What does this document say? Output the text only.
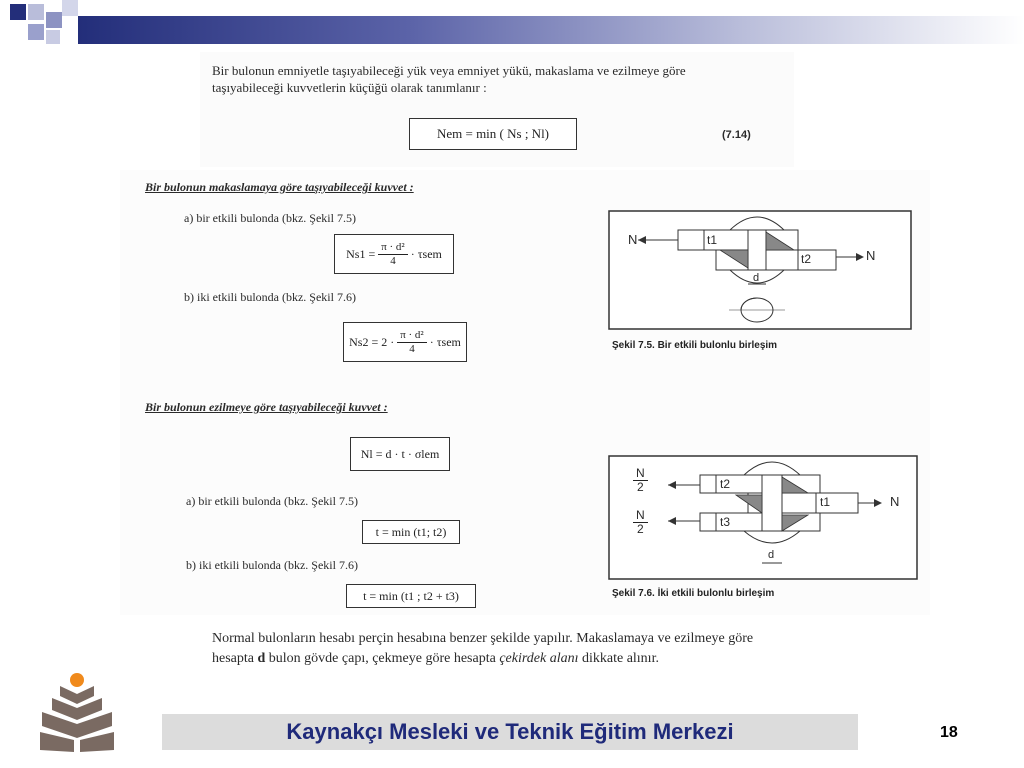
Bir bulonun emniyetle taşıyabileceği yük veya emniyet yükü, makaslama ve ezilmeye göre
taşıyabileceği kuvvetlerin küçüğü olarak tanımlanır :
Nem = min ( Ns ; Nl)	(7.14)
Bir bulonun makaslamaya göre taşıyabileceği kuvvet :
a) bir etkili bulonda (bkz. Şekil 7.5)
$Ns1 = \frac{\text{π · d²}}{4} \cdot \tau sem$
b) iki etkili bulonda (bkz. Şekil 7.6)
$Ns2 = 2 \cdot \frac{\text{π · d²}}{4} \cdot \tau sem$
N
N
t1
t2
d
Şekil 7.5. Bir etkili bulonlu birleşim
Bir bulonun ezilmeye göre taşıyabileceği kuvvet :
Nl = d · t · σlem
a) bir etkili bulonda (bkz. Şekil 7.5)
t = min (t1; t2)
b) iki etkili bulonda (bkz. Şekil 7.6)
t = min (t1 ; t2 + t3)
$\frac{N}{2}$
$\frac{N}{2}$
N
t2
t3
t1
d
Şekil 7.6. İki etkili bulonlu birleşim
Normal bulonların hesabı perçin hesabına benzer şekilde yapılır. Makaslamaya ve ezilmeye göre
hesapta d bulon gövde çapı, çekmeye göre hesapta çekirdek alanı dikkate alınır.
Kaynakçı Mesleki ve Teknik Eğitim Merkezi	18
